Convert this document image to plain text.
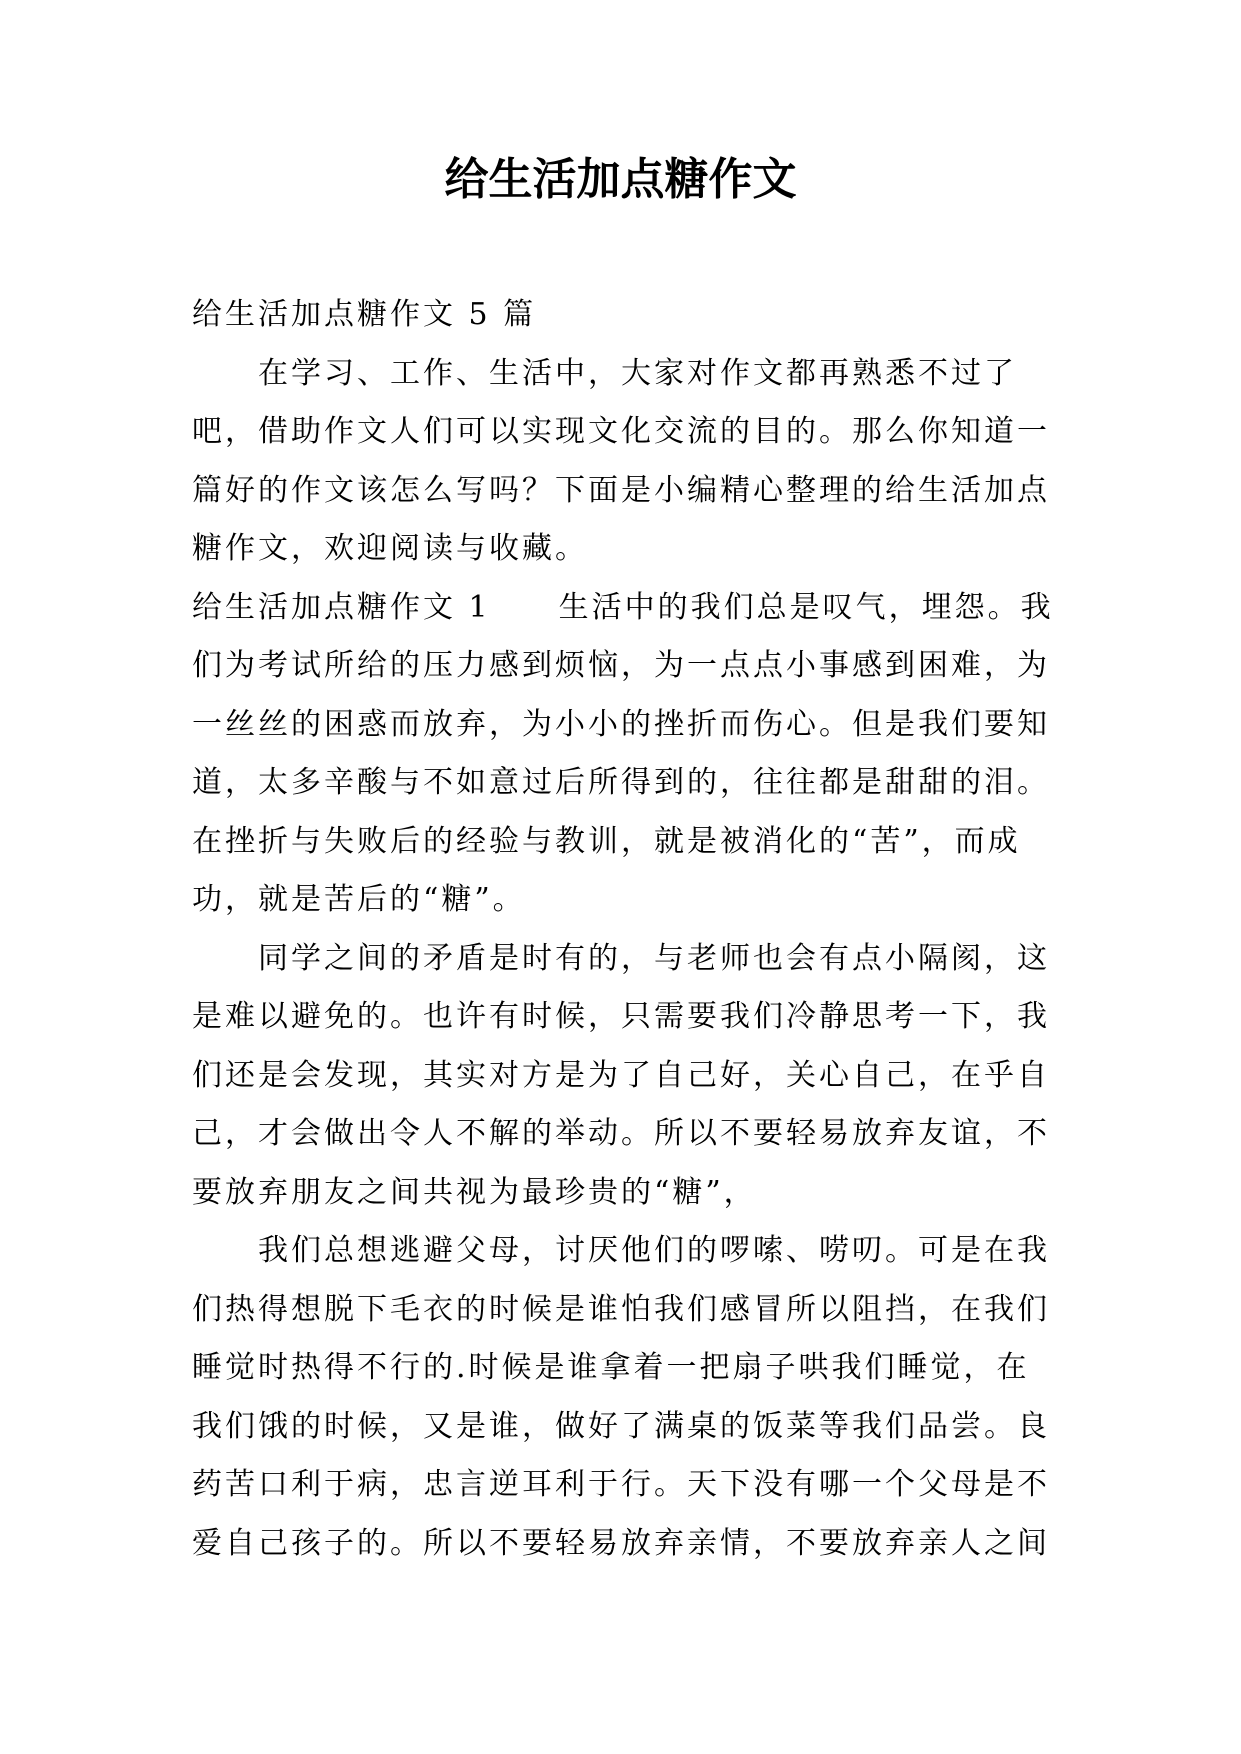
给生活加点糖作文

给生活加点糖作文 5 篇

在学习、工作、生活中，大家对作文都再熟悉不过了吧，借助作文人们可以实现文化交流的目的。那么你知道一篇好的作文该怎么写吗？下面是小编精心整理的给生活加点糖作文，欢迎阅读与收藏。

给生活加点糖作文 1 生活中的我们总是叹气，埋怨。我们为考试所给的压力感到烦恼，为一点点小事感到困难，为一丝丝的困惑而放弃，为小小的挫折而伤心。但是我们要知道，太多辛酸与不如意过后所得到的，往往都是甜甜的泪。在挫折与失败后的经验与教训，就是被消化的“苦”，而成功，就是苦后的“糖”。

同学之间的矛盾是时有的，与老师也会有点小隔阂，这是难以避免的。也许有时候，只需要我们冷静思考一下，我们还是会发现，其实对方是为了自己好，关心自己，在乎自己，才会做出令人不解的举动。所以不要轻易放弃友谊，不要放弃朋友之间共视为最珍贵的“糖”，

我们总想逃避父母，讨厌他们的啰嗦、唠叨。可是在我们热得想脱下毛衣的时候是谁怕我们感冒所以阻挡，在我们睡觉时热得不行的.时候是谁拿着一把扇子哄我们睡觉，在我们饿的时候，又是谁，做好了满桌的饭菜等我们品尝。良药苦口利于病，忠言逆耳利于行。天下没有哪一个父母是不爱自己孩子的。所以不要轻易放弃亲情，不要放弃亲人之间
